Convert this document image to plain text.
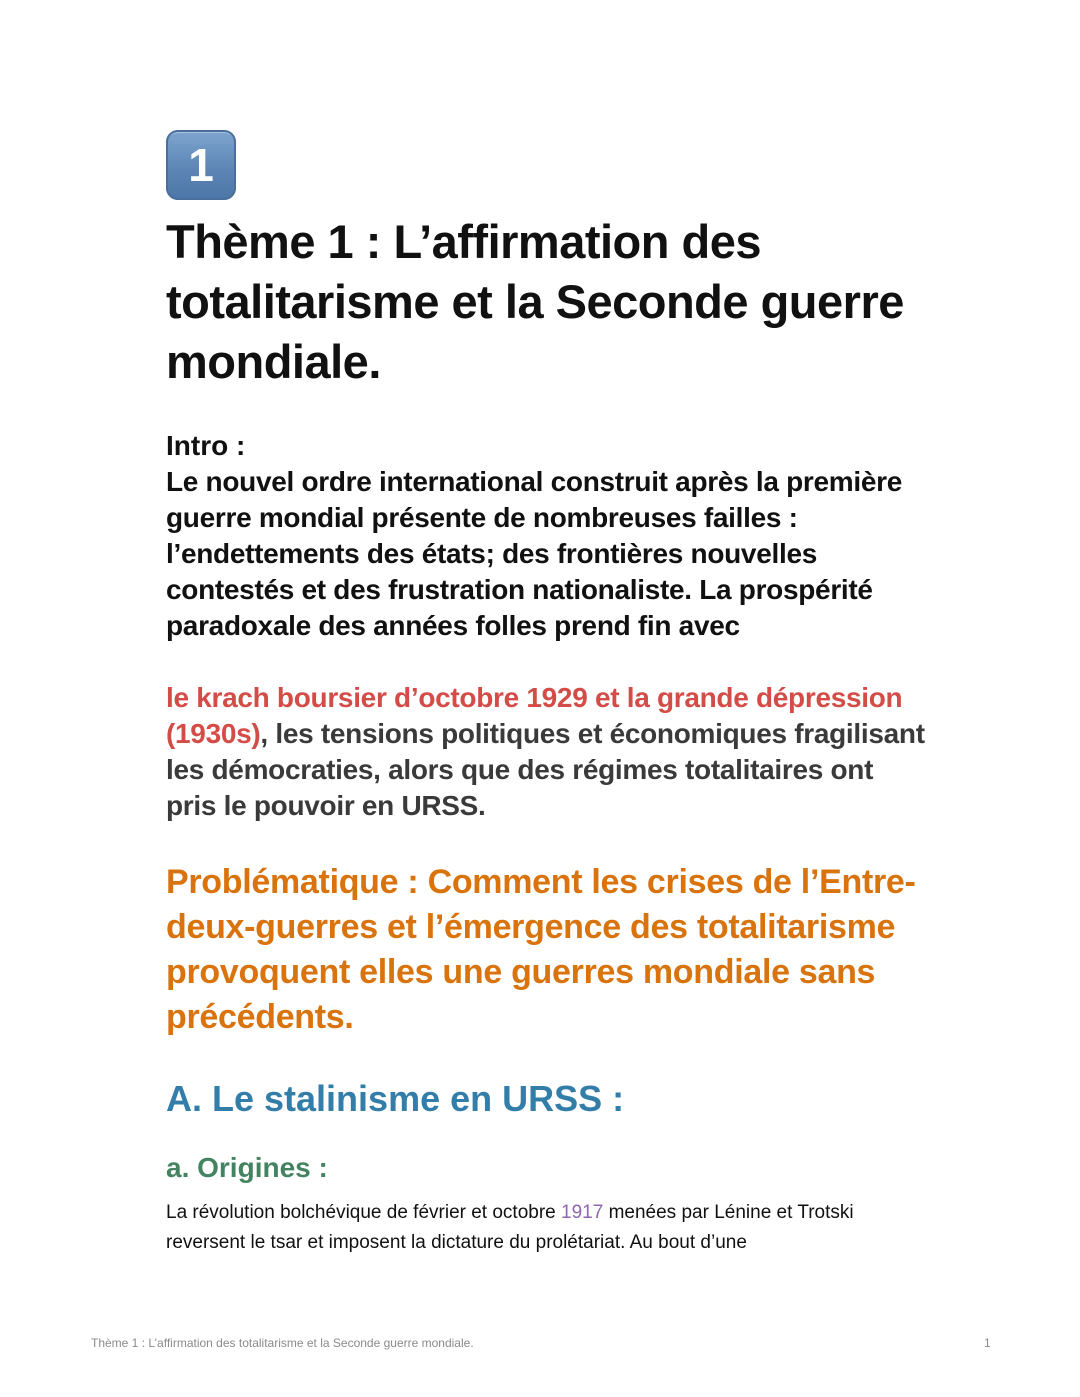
1
Thème 1 : L’affirmation des totalitarisme et la Seconde guerre mondiale.
Intro :
Le nouvel ordre international construit après la première guerre mondial présente de nombreuses failles : l’endettements des états; des frontières nouvelles contestés et des frustration nationaliste. La prospérité paradoxale des années folles prend fin avec
le krach boursier d’octobre 1929 et la grande dépression (1930s), les tensions politiques et économiques fragilisant les démocraties, alors que des régimes totalitaires ont pris le pouvoir en URSS.
Problématique : Comment les crises de l’Entre-deux-guerres et l’émergence des totalitarisme provoquent elles une guerres mondiale sans précédents.
A. Le stalinisme en URSS :
a. Origines :
La révolution bolchévique de février et octobre 1917 menées par Lénine et Trotski reversent le tsar et imposent la dictature du prolétariat. Au bout d’une
Thème 1 : L’affirmation des totalitarisme et la Seconde guerre mondiale.	1
